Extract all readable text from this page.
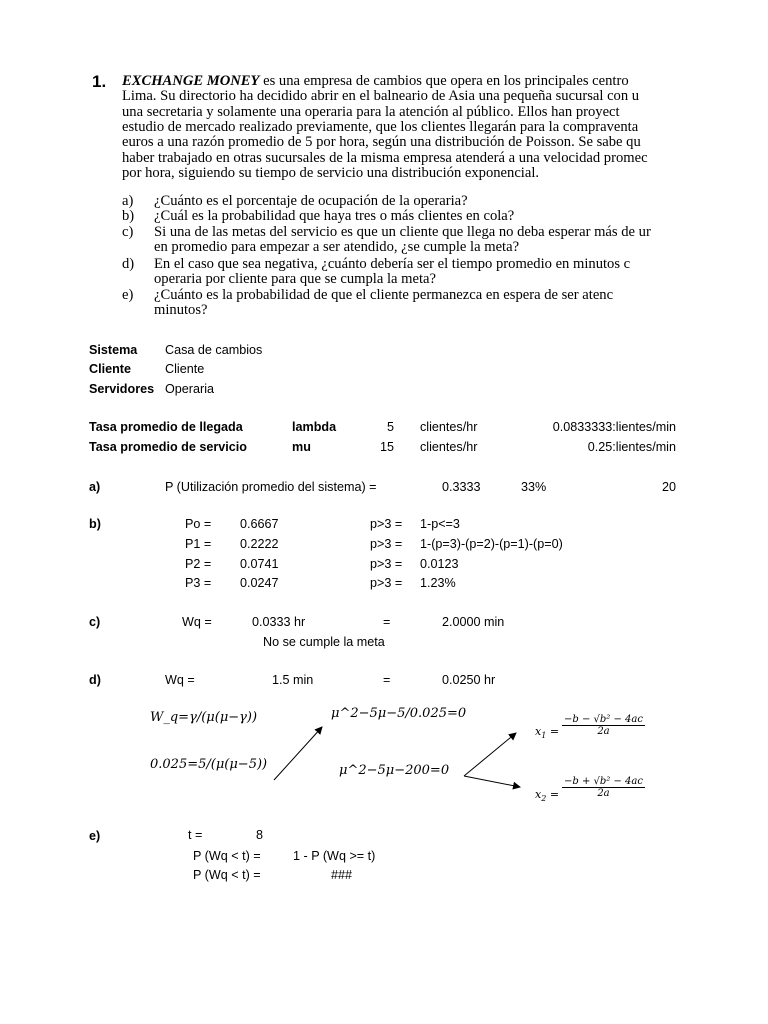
1. EXCHANGE MONEY es una empresa de cambios que opera en los principales centro
Lima. Su directorio ha decidido abrir en el balneario de Asia una pequeña sucursal con u
una secretaria y solamente una operaria para la atención al público. Ellos han proyect
estudio de mercado realizado previamente, que los clientes llegarán para la compraventa
euros a una razón promedio de 5 por hora, según una distribución de Poisson. Se sabe qu
haber trabajado en otras sucursales de la misma empresa atenderá a una velocidad promec
por hora, siguiendo su tiempo de servicio una distribución exponencial.
a) ¿Cuánto es el porcentaje de ocupación de la operaria?
b) ¿Cuál es la probabilidad que haya tres o más clientes en cola?
c) Si una de las metas del servicio es que un cliente que llega no deba esperar más de ur
en promedio para empezar a ser atendido, ¿se cumple la meta?
d) En el caso que sea negativa, ¿cuánto debería ser el tiempo promedio en minutos c
operaria por cliente para que se cumpla la meta?
e) ¿Cuánto es la probabilidad de que el cliente permanezca en espera de ser atenc
minutos?
Sistema Casa de cambios
Cliente	Cliente
Servidores Operaria
Tasa promedio de llegada	lambda	5 clientes/hr	0.0833333:lientes/min
Tasa promedio de servicio	mu	15 clientes/hr	0.25:lientes/min
a)	P (Utilización promedio del sistema) =	0.3333	33%	20
b)	Po = 0.6667	p>3 = 1-p<=3
P1 = 0.2222	p>3 = 1-(p=3)-(p=2)-(p=1)-(p=0)
P2 = 0.0741	p>3 = 0.0123
P3 = 0.0247	p>3 = 1.23%
c)	Wq =	0.0333 hr	=	2.0000 min
No se cumple la meta
d)	Wq =	1.5 min	=	0.0250 hr
W_q=γ/(μ(μ−γ))
0.025=5/(μ(μ−5))
μ^2−5μ−5/0.025=0
μ^2−5μ−200=0
$x_1 = \frac{\text{−b − √b² − 4ac}}{2a}$
$x_2 = \frac{\text{−b + √b² − 4ac}}{2a}$
e)	t =	8
P (Wq < t) =	1 - P (Wq >= t)
P (Wq < t) =	###
